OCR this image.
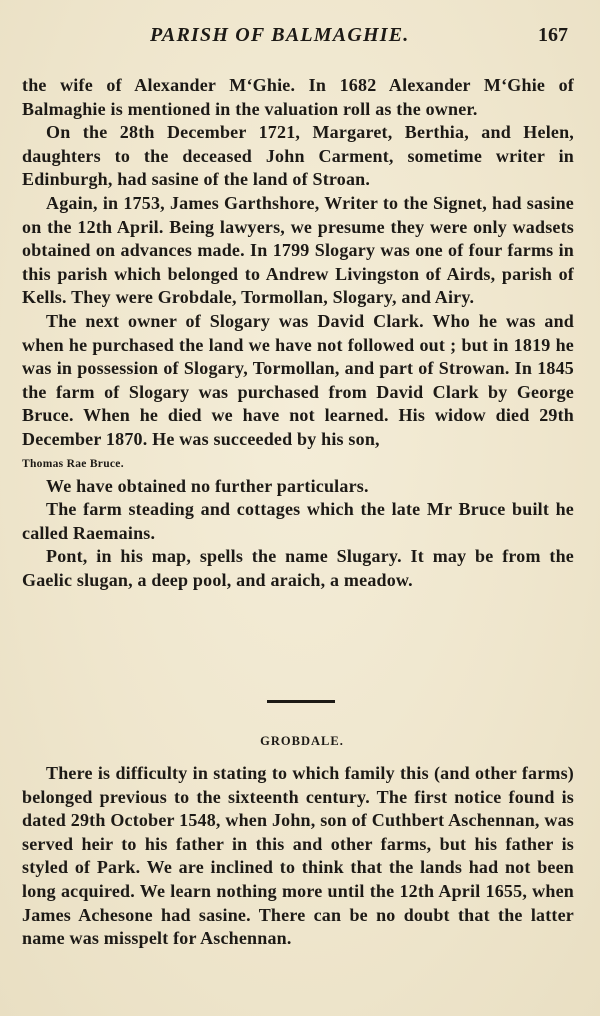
PARISH OF BALMAGHIE.	167

the wife of Alexander M‘Ghie. In 1682 Alexander M‘Ghie of Balmaghie is mentioned in the valuation roll as the owner.

On the 28th December 1721, Margaret, Berthia, and Helen, daughters to the deceased John Carment, sometime writer in Edinburgh, had sasine of the land of Stroan.

Again, in 1753, James Garthshore, Writer to the Signet, had sasine on the 12th April. Being lawyers, we presume they were only wadsets obtained on advances made. In 1799 Slogary was one of four farms in this parish which belonged to Andrew Livingston of Airds, parish of Kells. They were Grobdale, Tormollan, Slogary, and Airy.

The next owner of Slogary was David Clark. Who he was and when he purchased the land we have not followed out ; but in 1819 he was in possession of Slogary, Tormollan, and part of Strowan. In 1845 the farm of Slogary was purchased from David Clark by George Bruce. When he died we have not learned. His widow died 29th December 1870. He was succeeded by his son,

Thomas Rae Bruce.

We have obtained no further particulars.

The farm steading and cottages which the late Mr Bruce built he called Raemains.

Pont, in his map, spells the name Slugary. It may be from the Gaelic slugan, a deep pool, and araich, a meadow.

GROBDALE.

There is difficulty in stating to which family this (and other farms) belonged previous to the sixteenth century. The first notice found is dated 29th October 1548, when John, son of Cuthbert Aschennan, was served heir to his father in this and other farms, but his father is styled of Park. We are inclined to think that the lands had not been long acquired. We learn nothing more until the 12th April 1655, when James Achesone had sasine. There can be no doubt that the latter name was misspelt for Aschennan.
